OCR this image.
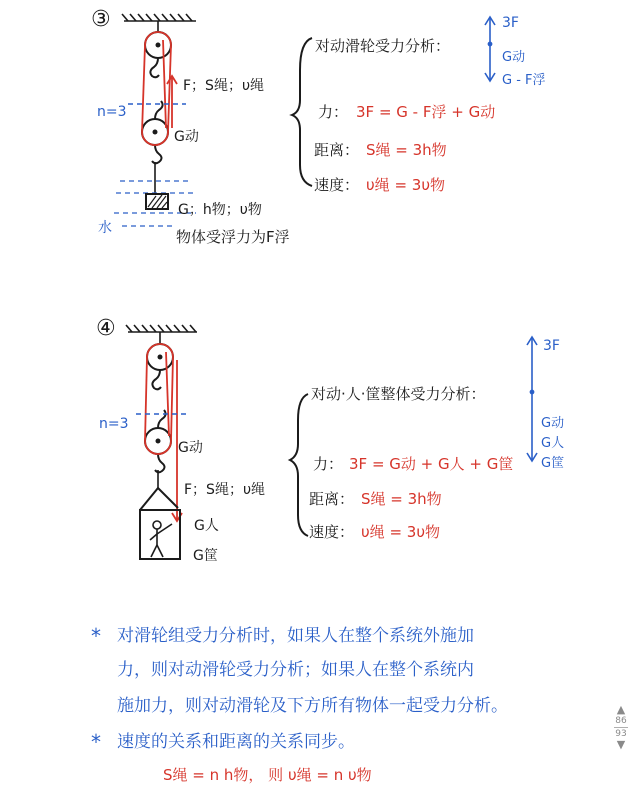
③
n=3
F；S绳；υ绳
G动
G；h物；υ物
水	物体受浮力为F浮
对动滑轮受力分析：
力： 3F = G - F浮 + G动
距离： S绳 = 3h物
速度： υ绳 = 3υ物
3F
G动
G - F浮
④
n=3
G动
F；S绳；υ绳
G人
G筐
对动·人·筐整体受力分析：
力： 3F = G动 + G人 + G筐
距离： S绳 = 3h物
速度： υ绳 = 3υ物
3F
G动
G人
G筐
* 对滑轮组受力分析时，如果人在整个系统外施加
力，则对动滑轮受力分析；如果人在整个系统内
施加力，则对动滑轮及下方所有物体一起受力分析。
* 速度的关系和距离的关系同步。
S绳 = n h物， 则 υ绳 = n υ物
▲
86
93
▼
